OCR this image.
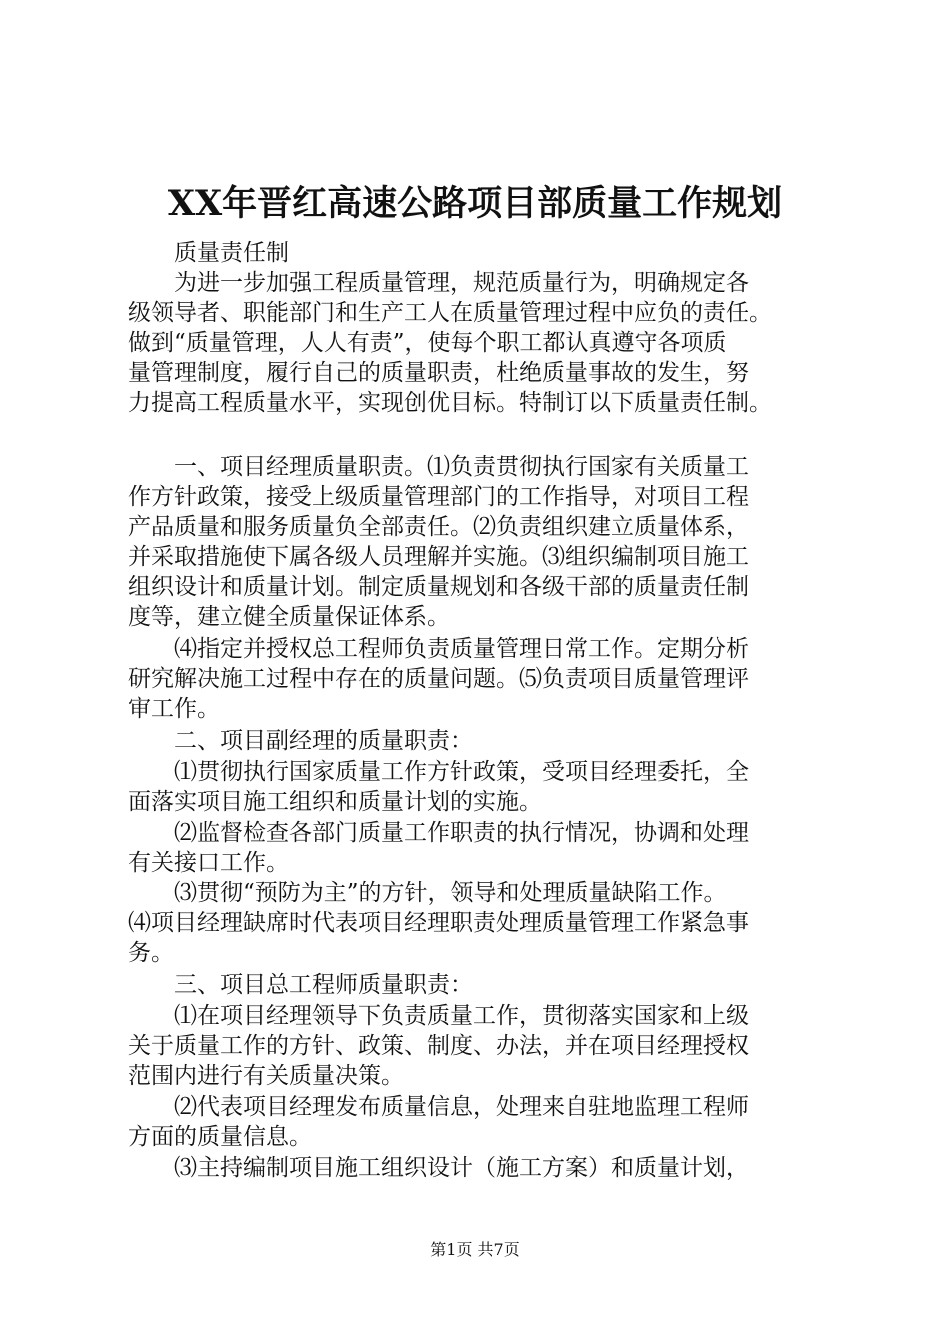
XX年晋红高速公路项目部质量工作规划
　　质量责任制
　　为进一步加强工程质量管理，规范质量行为，明确规定各
级领导者、职能部门和生产工人在质量管理过程中应负的责任。
做到“质量管理，人人有责”，使每个职工都认真遵守各项质
量管理制度，履行自己的质量职责，杜绝质量事故的发生，努
力提高工程质量水平，实现创优目标。特制订以下质量责任制。
　　一、项目经理质量职责。⑴负责贯彻执行国家有关质量工
作方针政策，接受上级质量管理部门的工作指导，对项目工程
产品质量和服务质量负全部责任。⑵负责组织建立质量体系，
并采取措施使下属各级人员理解并实施。⑶组织编制项目施工
组织设计和质量计划。制定质量规划和各级干部的质量责任制
度等，建立健全质量保证体系。
　　⑷指定并授权总工程师负责质量管理日常工作。定期分析
研究解决施工过程中存在的质量问题。⑸负责项目质量管理评
审工作。
　　二、项目副经理的质量职责：
　　⑴贯彻执行国家质量工作方针政策，受项目经理委托，全
面落实项目施工组织和质量计划的实施。
　　⑵监督检查各部门质量工作职责的执行情况，协调和处理
有关接口工作。
　　⑶贯彻“预防为主”的方针，领导和处理质量缺陷工作。
⑷项目经理缺席时代表项目经理职责处理质量管理工作紧急事
务。
　　三、项目总工程师质量职责：
　　⑴在项目经理领导下负责质量工作，贯彻落实国家和上级
关于质量工作的方针、政策、制度、办法，并在项目经理授权
范围内进行有关质量决策。
　　⑵代表项目经理发布质量信息，处理来自驻地监理工程师
方面的质量信息。
　　⑶主持编制项目施工组织设计（施工方案）和质量计划，
第1页 共7页
